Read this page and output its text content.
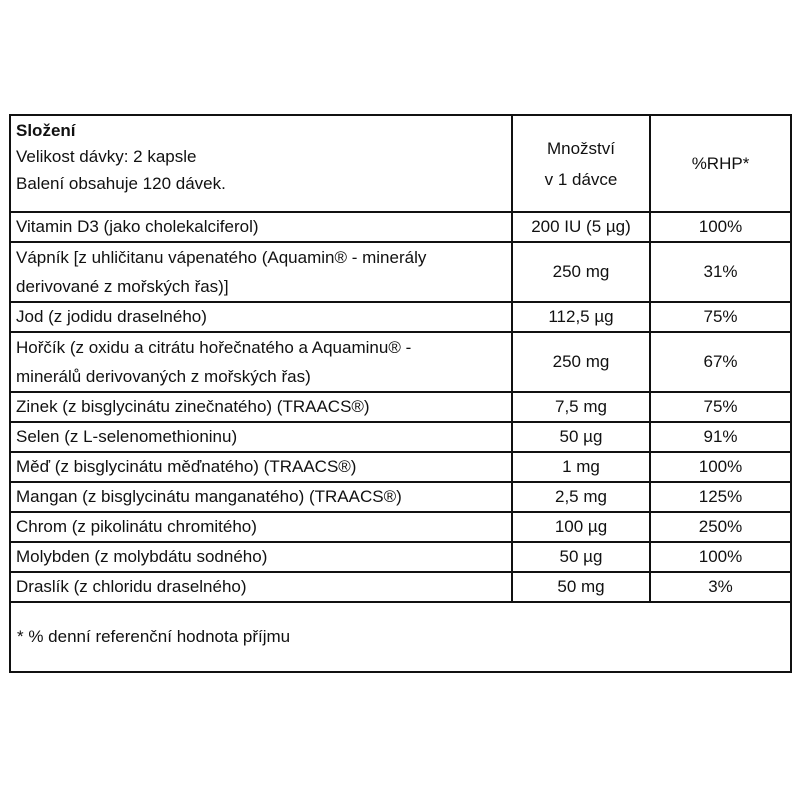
Složení
Velikost dávky: 2 kapsle
Balení obsahuje 120 dávek.	Množství
v 1 dávce	%RHP*
Vitamin D3 (jako cholekalciferol)	200 IU (5 µg)	100%

Vápník [z uhličitanu vápenatého (Aquamin® - minerály
derivované z mořských řas)]	250 mg	31%
Jod (z jodidu draselného)	112,5 µg	75%

Hořčík (z oxidu a citrátu hořečnatého a Aquaminu® -
minerálů derivovaných z mořských řas)	250 mg	67%
Zinek (z bisglycinátu zinečnatého) (TRAACS®)	7,5 mg	75%
Selen (z L-selenomethioninu)	50 µg	91%
Měď (z bisglycinátu měďnatého) (TRAACS®)	1 mg	100%
Mangan (z bisglycinátu manganatého) (TRAACS®)	2,5 mg	125%
Chrom (z pikolinátu chromitého)	100 µg	250%
Molybden (z molybdátu sodného)	50 µg	100%
Draslík (z chloridu draselného)	50 mg	3%
* % denní referenční hodnota příjmu		
